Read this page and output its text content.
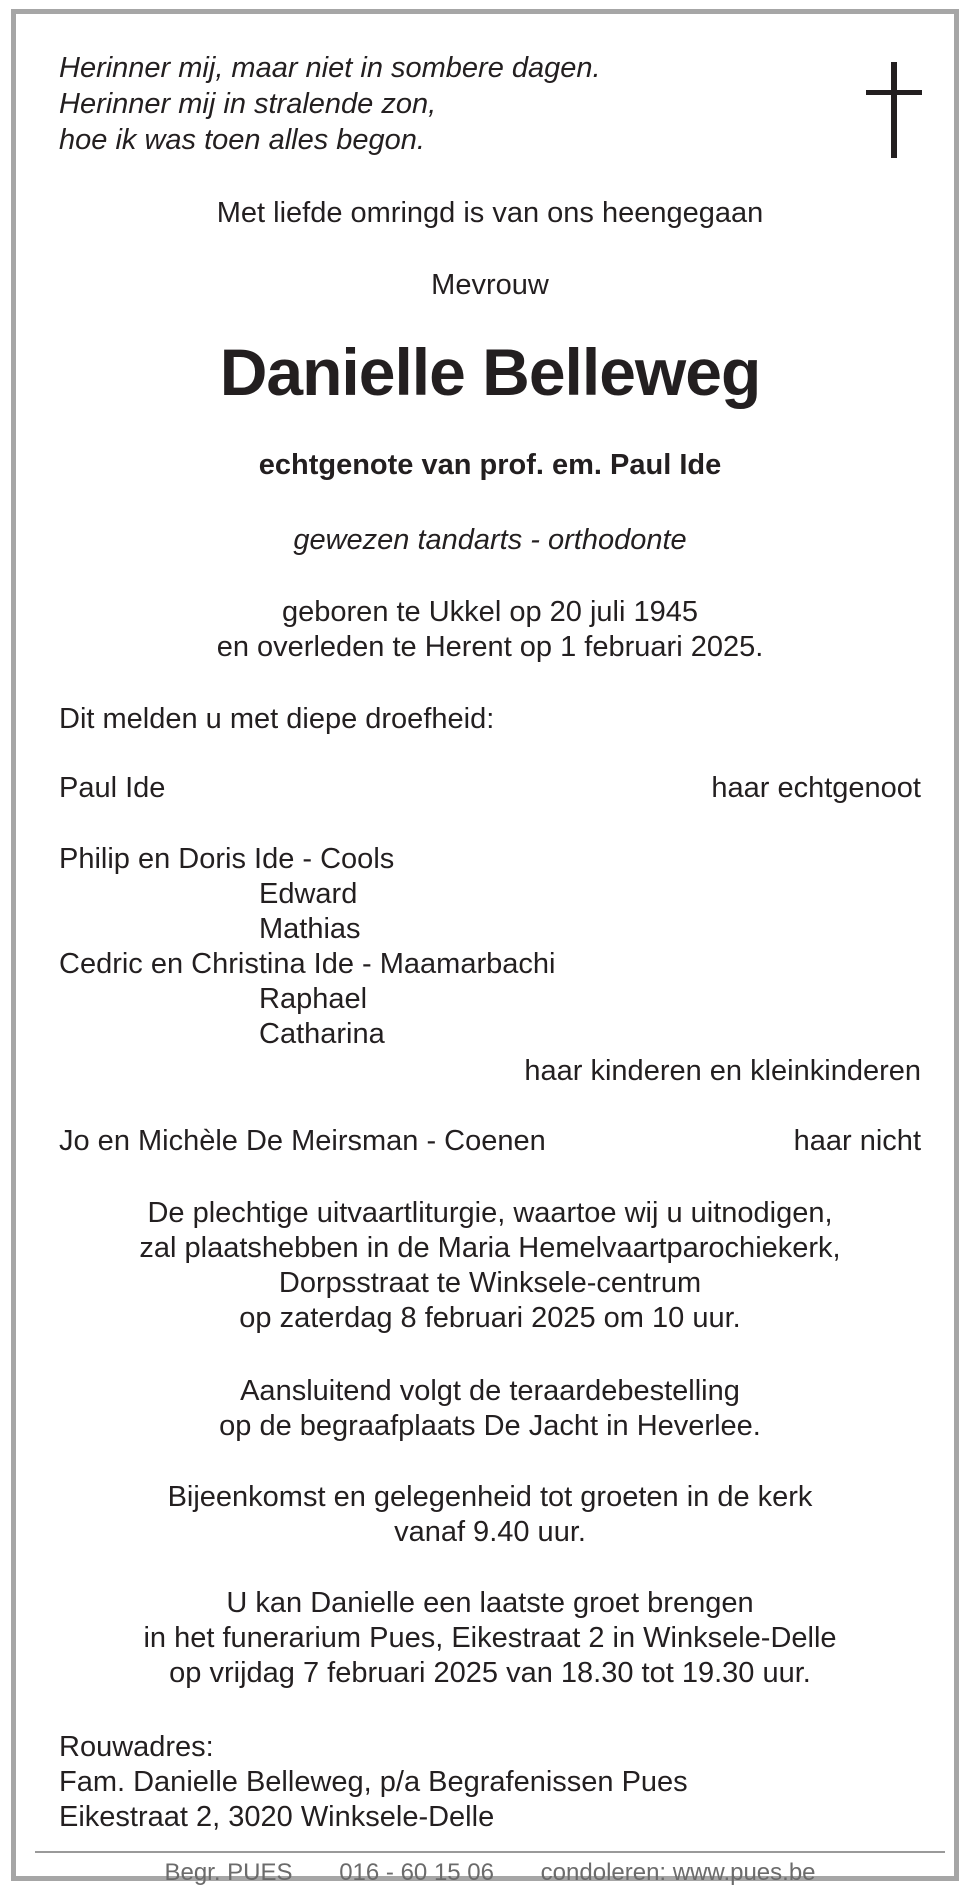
Herinner mij, maar niet in sombere dagen.
Herinner mij in stralende zon,
hoe ik was toen alles begon.
Met liefde omringd is van ons heengegaan
Mevrouw
Danielle Belleweg
echtgenote van prof. em. Paul Ide
gewezen tandarts - orthodonte
geboren te Ukkel op 20 juli 1945
en overleden te Herent op 1 februari 2025.
Dit melden u met diepe droefheid:
Paul Ide	haar echtgenoot
Philip en Doris Ide - Cools
Edward
Mathias
Cedric en Christina Ide - Maamarbachi
Raphael
Catharina
haar kinderen en kleinkinderen
Jo en Michèle De Meirsman - Coenen	haar nicht
De plechtige uitvaartliturgie, waartoe wij u uitnodigen,
zal plaatshebben in de Maria Hemelvaartparochiekerk,
Dorpsstraat te Winksele-centrum
op zaterdag 8 februari 2025 om 10 uur.
Aansluitend volgt de teraardebestelling
op de begraafplaats De Jacht in Heverlee.
Bijeenkomst en gelegenheid tot groeten in de kerk
vanaf 9.40 uur.
U kan Danielle een laatste groet brengen
in het funerarium Pues, Eikestraat 2 in Winksele-Delle
op vrijdag 7 februari 2025 van 18.30 tot 19.30 uur.
Rouwadres:
Fam. Danielle Belleweg, p/a Begrafenissen Pues
Eikestraat 2, 3020 Winksele-Delle
Begr. PUES 016 - 60 15 06 condoleren: www.pues.be
